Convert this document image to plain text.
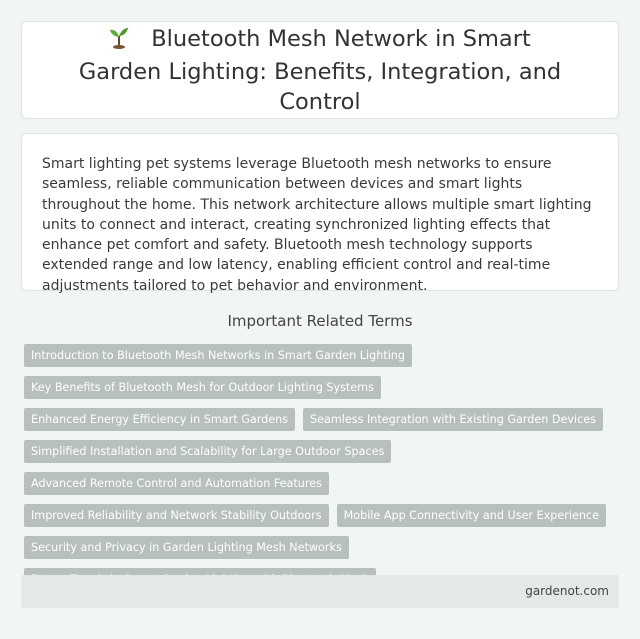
Bluetooth Mesh Network in Smart Garden Lighting: Benefits, Integration, and Control

Smart lighting pet systems leverage Bluetooth mesh networks to ensure seamless, reliable communication between devices and smart lights throughout the home. This network architecture allows multiple smart lighting units to connect and interact, creating synchronized lighting effects that enhance pet comfort and safety. Bluetooth mesh technology supports extended range and low latency, enabling efficient control and real-time adjustments tailored to pet behavior and environment.

Important Related Terms
Introduction to Bluetooth Mesh Networks in Smart Garden Lighting
Key Benefits of Bluetooth Mesh for Outdoor Lighting Systems
Enhanced Energy Efficiency in Smart Gardens	Seamless Integration with Existing Garden Devices
Simplified Installation and Scalability for Large Outdoor Spaces
Advanced Remote Control and Automation Features
Improved Reliability and Network Stability Outdoors	Mobile App Connectivity and User Experience
Security and Privacy in Garden Lighting Mesh Networks
gardenot.com
